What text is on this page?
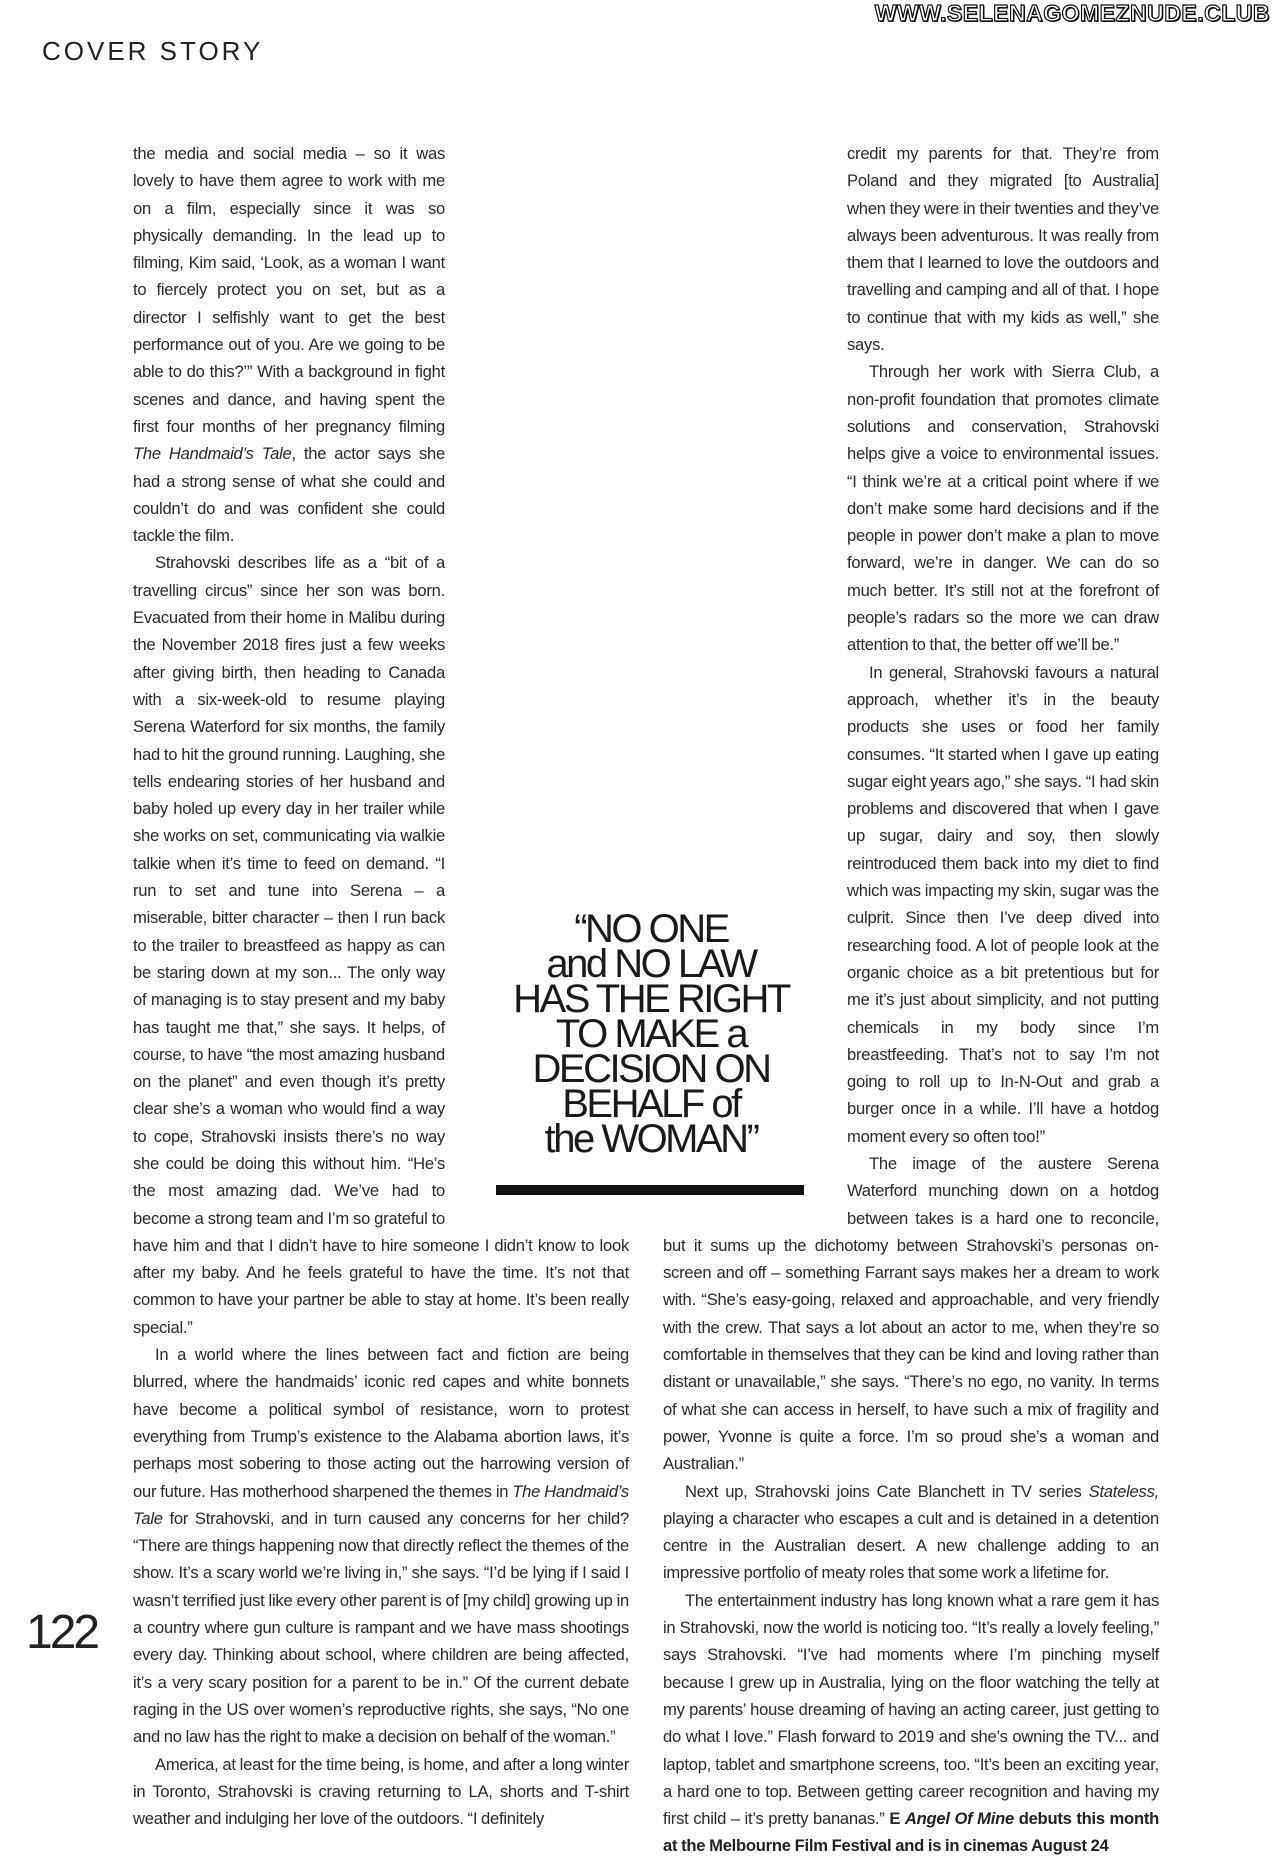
WWW.SELENAGOMEZNUDE.CLUB
COVER STORY

the media and social media – so it was lovely to have them agree to work with me on a film, especially since it was so physically demanding. In the lead up to filming, Kim said, ‘Look, as a woman I want to fiercely protect you on set, but as a director I selfishly want to get the best performance out of you. Are we going to be able to do this?’” With a background in fight scenes and dance, and having spent the first four months of her pregnancy filming The Handmaid’s Tale, the actor says she had a strong sense of what she could and couldn’t do and was confident she could tackle the film.

Strahovski describes life as a “bit of a travelling circus” since her son was born. Evacuated from their home in Malibu during the November 2018 fires just a few weeks after giving birth, then heading to Canada with a six-week-old to resume playing Serena Waterford for six months, the family had to hit the ground running. Laughing, she tells endearing stories of her husband and baby holed up every day in her trailer while she works on set, communicating via walkie talkie when it’s time to feed on demand. “I run to set and tune into Serena – a miserable, bitter character – then I run back to the trailer to breastfeed as happy as can be staring down at my son... The only way of managing is to stay present and my baby has taught me that,” she says. It helps, of course, to have “the most amazing husband on the planet” and even though it’s pretty clear she’s a woman who would find a way to cope, Strahovski insists there’s no way she could be doing this without him. “He’s the most amazing dad. We’ve had to become a strong team and I’m so grateful to have him and that I didn’t have to hire someone I didn’t know to look after my baby. And he feels grateful to have the time. It’s not that common to have your partner be able to stay at home. It’s been really special.”

In a world where the lines between fact and fiction are being blurred, where the handmaids’ iconic red capes and white bonnets have become a political symbol of resistance, worn to protest everything from Trump’s existence to the Alabama abortion laws, it’s perhaps most sobering to those acting out the harrowing version of our future. Has motherhood sharpened the themes in The Handmaid’s Tale for Strahovski, and in turn caused any concerns for her child? “There are things happening now that directly reflect the themes of the show. It’s a scary world we’re living in,” she says. “I’d be lying if I said I wasn’t terrified just like every other parent is of [my child] growing up in a country where gun culture is rampant and we have mass shootings every day. Thinking about school, where children are being affected, it’s a very scary position for a parent to be in.” Of the current debate raging in the US over women’s reproductive rights, she says, “No one and no law has the right to make a decision on behalf of the woman.”

America, at least for the time being, is home, and after a long winter in Toronto, Strahovski is craving returning to LA, shorts and T-shirt weather and indulging her love of the outdoors. “I definitely

credit my parents for that. They’re from Poland and they migrated [to Australia] when they were in their twenties and they’ve always been adventurous. It was really from them that I learned to love the outdoors and travelling and camping and all of that. I hope to continue that with my kids as well,” she says.

Through her work with Sierra Club, a non-profit foundation that promotes climate solutions and conservation, Strahovski helps give a voice to environmental issues. “I think we’re at a critical point where if we don’t make some hard decisions and if the people in power don’t make a plan to move forward, we’re in danger. We can do so much better. It’s still not at the forefront of people’s radars so the more we can draw attention to that, the better off we’ll be.”

In general, Strahovski favours a natural approach, whether it’s in the beauty products she uses or food her family consumes. “It started when I gave up eating sugar eight years ago,” she says. “I had skin problems and discovered that when I gave up sugar, dairy and soy, then slowly reintroduced them back into my diet to find which was impacting my skin, sugar was the culprit. Since then I’ve deep dived into researching food. A lot of people look at the organic choice as a bit pretentious but for me it’s just about simplicity, and not putting chemicals in my body since I’m breastfeeding. That’s not to say I’m not going to roll up to In-N-Out and grab a burger once in a while. I’ll have a hotdog moment every so often too!”

The image of the austere Serena Waterford munching down on a hotdog between takes is a hard one to reconcile, but it sums up the dichotomy between Strahovski’s personas on-screen and off – something Farrant says makes her a dream to work with. “She’s easy-going, relaxed and approachable, and very friendly with the crew. That says a lot about an actor to me, when they’re so comfortable in themselves that they can be kind and loving rather than distant or unavailable,” she says. “There’s no ego, no vanity. In terms of what she can access in herself, to have such a mix of fragility and power, Yvonne is quite a force. I’m so proud she’s a woman and Australian.”

Next up, Strahovski joins Cate Blanchett in TV series Stateless, playing a character who escapes a cult and is detained in a detention centre in the Australian desert. A new challenge adding to an impressive portfolio of meaty roles that some work a lifetime for.

The entertainment industry has long known what a rare gem it has in Strahovski, now the world is noticing too. “It’s really a lovely feeling,” says Strahovski. “I’ve had moments where I’m pinching myself because I grew up in Australia, lying on the floor watching the telly at my parents’ house dreaming of having an acting career, just getting to do what I love.” Flash forward to 2019 and she’s owning the TV... and laptop, tablet and smartphone screens, too. “It’s been an exciting year, a hard one to top. Between getting career recognition and having my first child – it’s pretty bananas.” E Angel Of Mine debuts this month at the Melbourne Film Festival and is in cinemas August 24

“NO ONE
and NO LAW
HAS THE RIGHT
TO MAKE a
DECISION ON
BEHALF of
the WOMAN”
122
